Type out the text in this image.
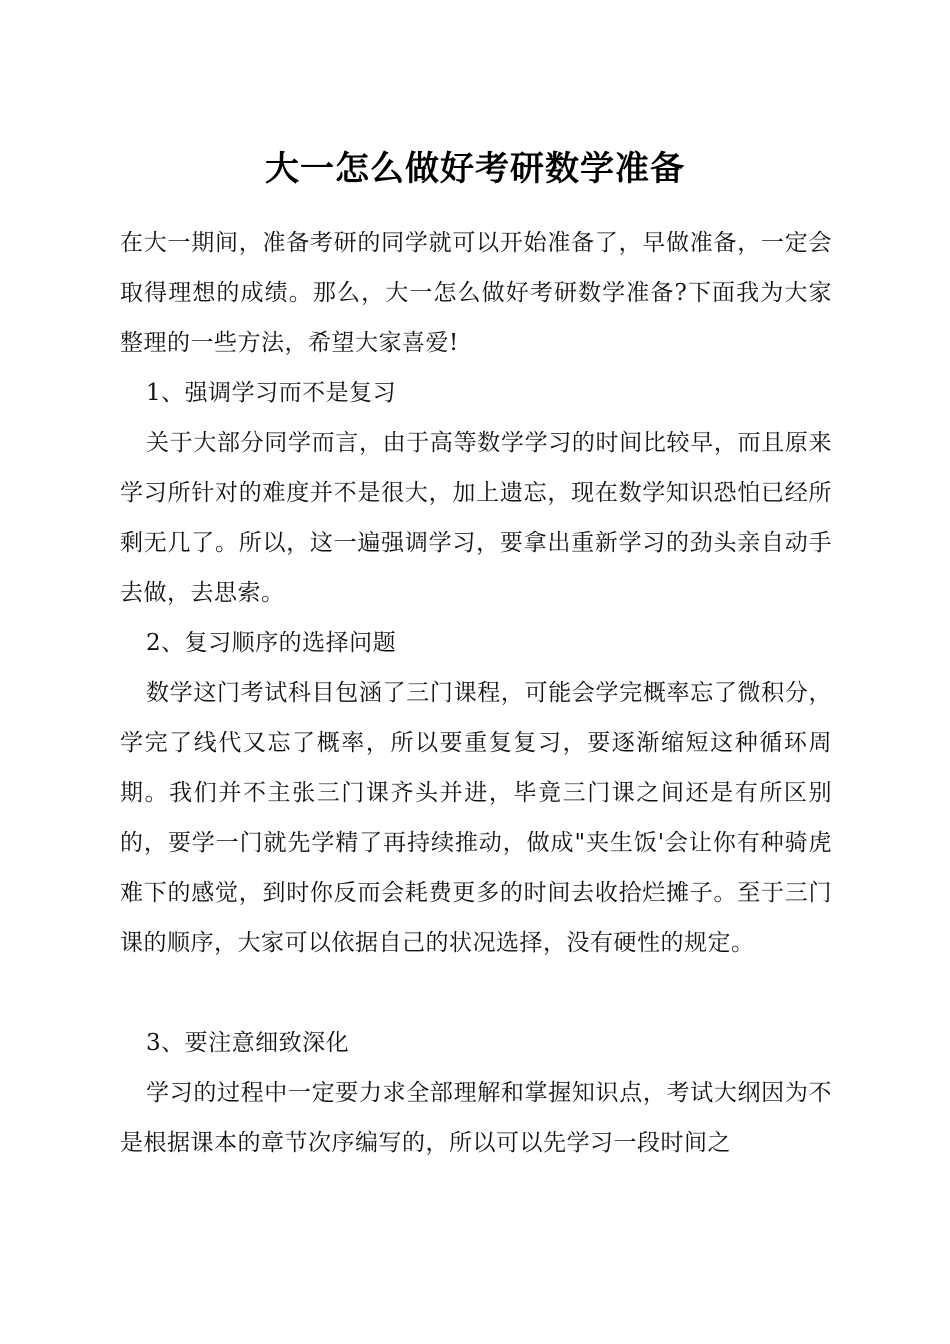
大一怎么做好考研数学准备

在大一期间，准备考研的同学就可以开始准备了，早做准备，一定会取得理想的成绩。那么，大一怎么做好考研数学准备?下面我为大家整理的一些方法，希望大家喜爱!

1、强调学习而不是复习

关于大部分同学而言，由于高等数学学习的时间比较早，而且原来学习所针对的难度并不是很大，加上遗忘，现在数学知识恐怕已经所剩无几了。所以，这一遍强调学习，要拿出重新学习的劲头亲自动手去做，去思索。

2、复习顺序的选择问题

数学这门考试科目包涵了三门课程，可能会学完概率忘了微积分，学完了线代又忘了概率，所以要重复复习，要逐渐缩短这种循环周期。我们并不主张三门课齐头并进，毕竟三门课之间还是有所区别的，要学一门就先学精了再持续推动，做成"夹生饭'会让你有种骑虎难下的感觉，到时你反而会耗费更多的时间去收拾烂摊子。至于三门课的顺序，大家可以依据自己的状况选择，没有硬性的规定。

3、要注意细致深化

学习的过程中一定要力求全部理解和掌握知识点，考试大纲因为不是根据课本的章节次序编写的，所以可以先学习一段时间之
